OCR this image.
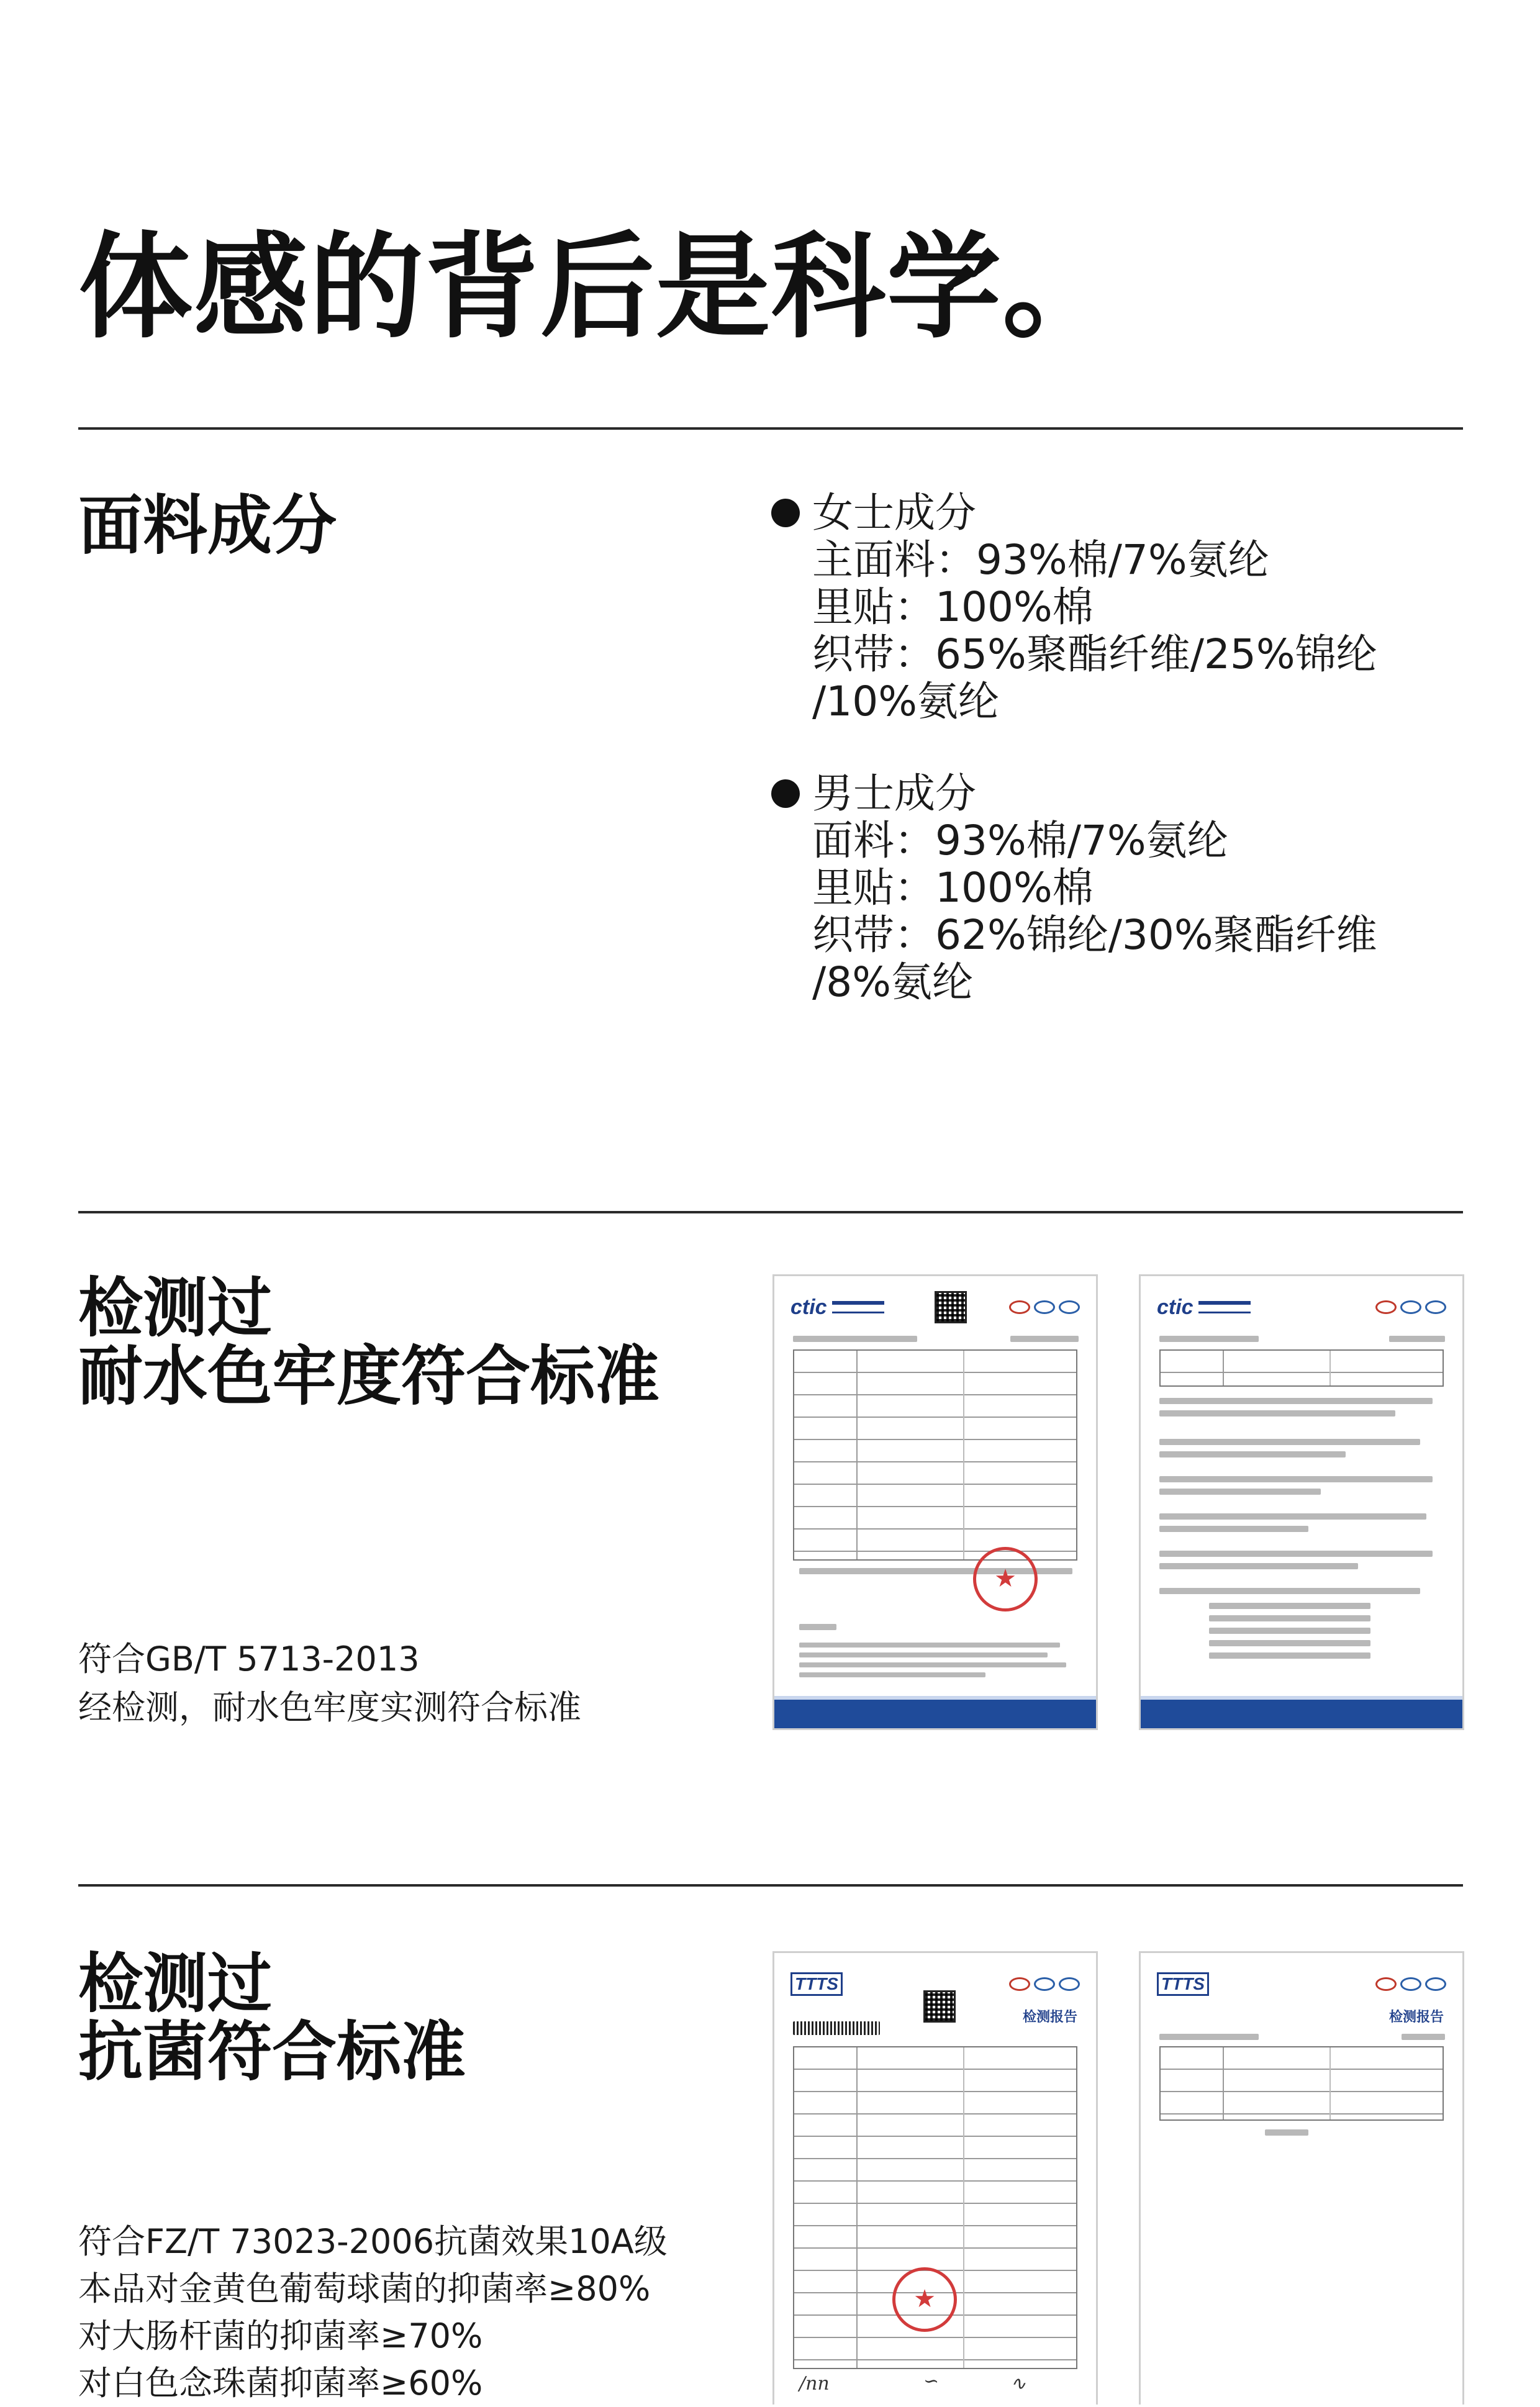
体感的背后是科学。
面料成分	女士成分
主面料：93%棉/7%氨纶
里贴：100%棉
织带：65%聚酯纤维/25%锦纶
/10%氨纶
男士成分
面料：93%棉/7%氨纶
里贴：100%棉
织带：62%锦纶/30%聚酯纤维
/8%氨纶
检测过
耐水色牢度符合标准
符合GB/T 5713-2013
经检测，耐水色牢度实测符合标准
ctic
★	ctic
检测过
抗菌符合标准
符合FZ/T 73023-2006抗菌效果10A级
本品对金黄色葡萄球菌的抑菌率≥80%
对大肠杆菌的抑菌率≥70%
对白色念珠菌抑菌率≥60%
TTTS
检测报告
★
/nn	∽	∿
TTTS
检测报告
